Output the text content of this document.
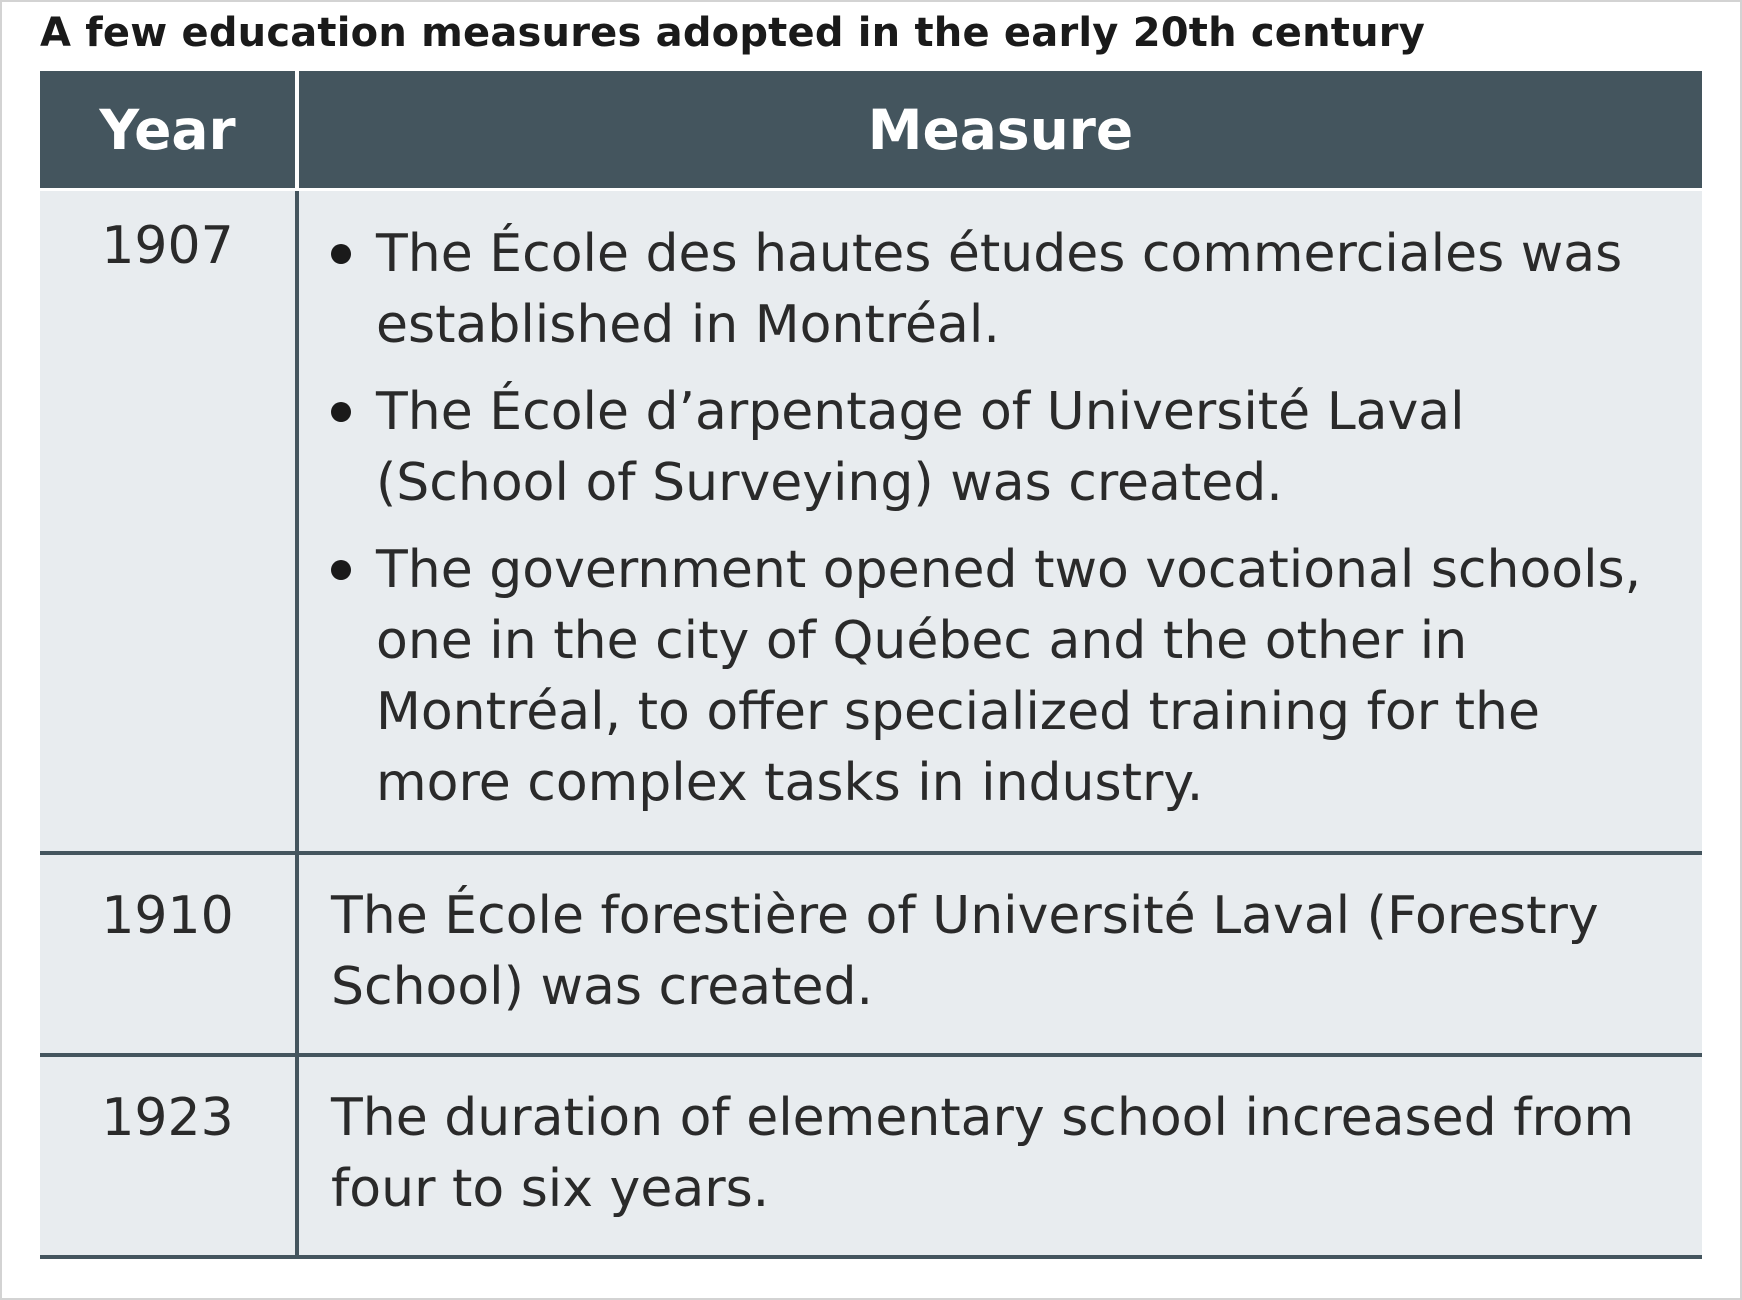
A few education measures adopted in the early 20th century
Year	Measure
1907	The École des hautes études commerciales was established in Montréal.
The École d’arpentage of Université Laval (School of Surveying) was created.
The government opened two vocational schools, one in the city of Québec and the other in Montréal, to offer specialized training for the more complex tasks in industry.
1910	The École forestière of Université Laval (Forestry School) was created.
1923	The duration of elementary school increased from four to six years.
